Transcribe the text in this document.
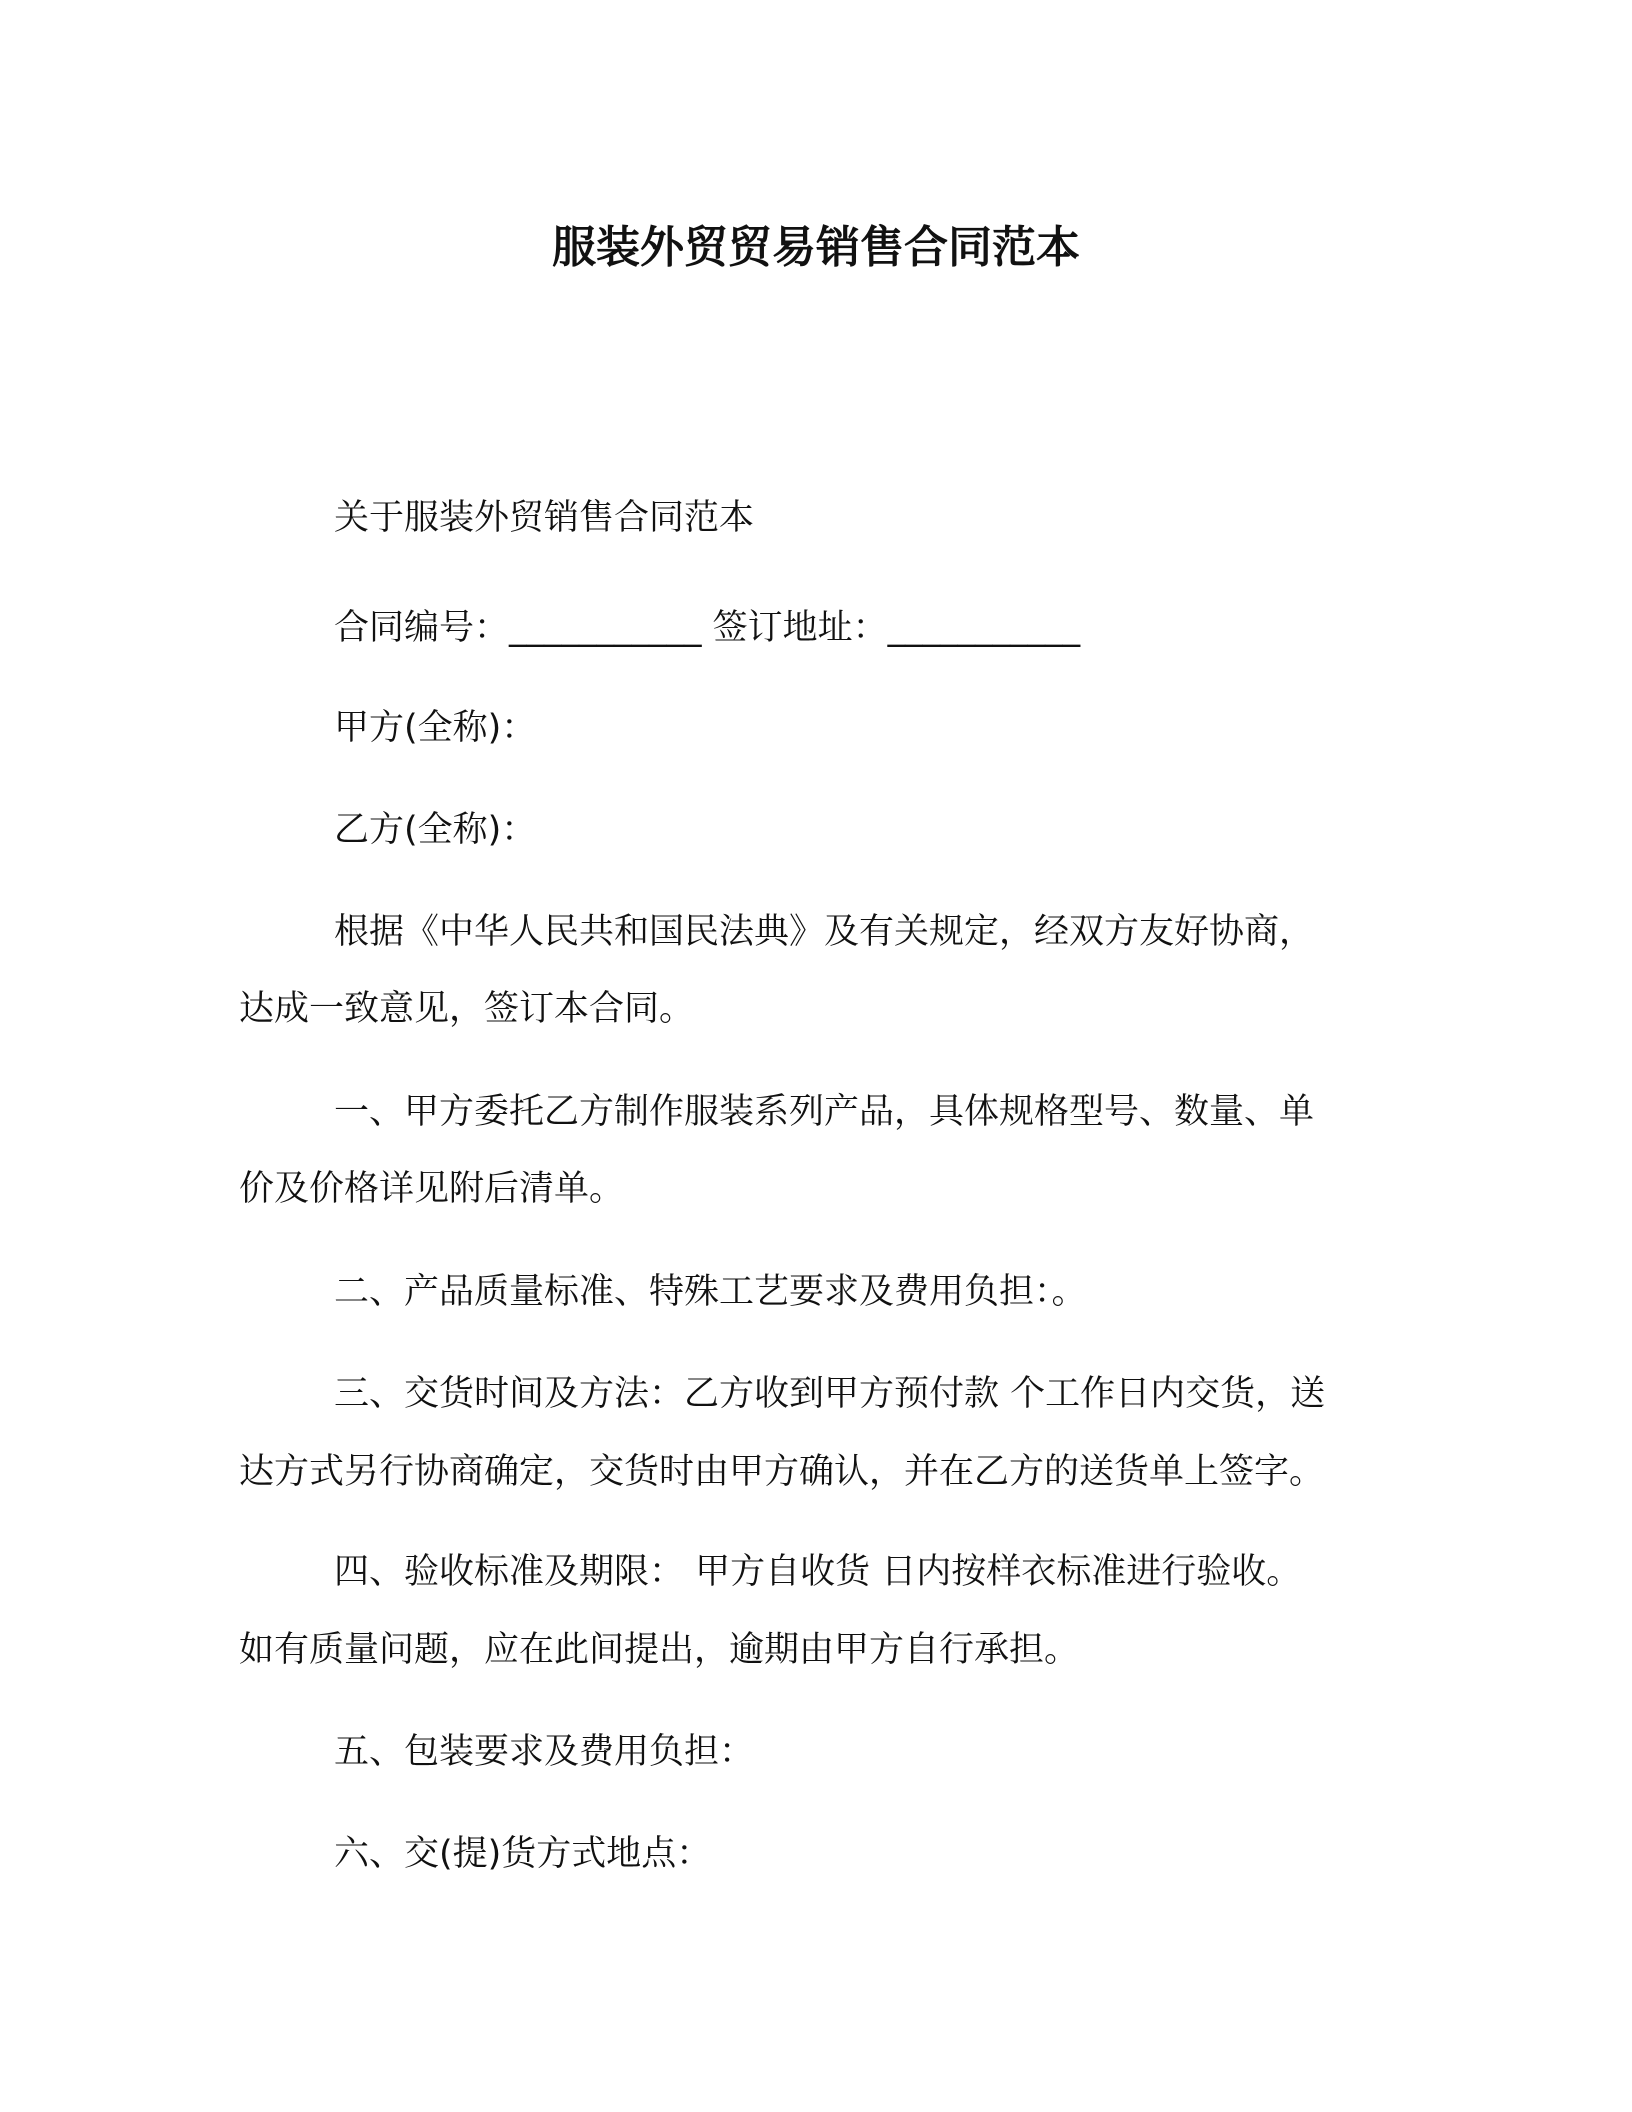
服装外贸贸易销售合同范本
关于服装外贸销售合同范本
合同编号：___________ 签订地址：___________
甲方(全称)：
乙方(全称)：
根据《中华人民共和国民法典》及有关规定，经双方友好协商，
达成一致意见，签订本合同。
一、甲方委托乙方制作服装系列产品，具体规格型号、数量、单
价及价格详见附后清单。
二、产品质量标准、特殊工艺要求及费用负担：。
三、交货时间及方法：乙方收到甲方预付款 个工作日内交货，送
达方式另行协商确定，交货时由甲方确认，并在乙方的送货单上签字。
四、验收标准及期限： 甲方自收货 日内按样衣标准进行验收。
如有质量问题，应在此间提出，逾期由甲方自行承担。
五、包装要求及费用负担：
六、交(提)货方式地点：
